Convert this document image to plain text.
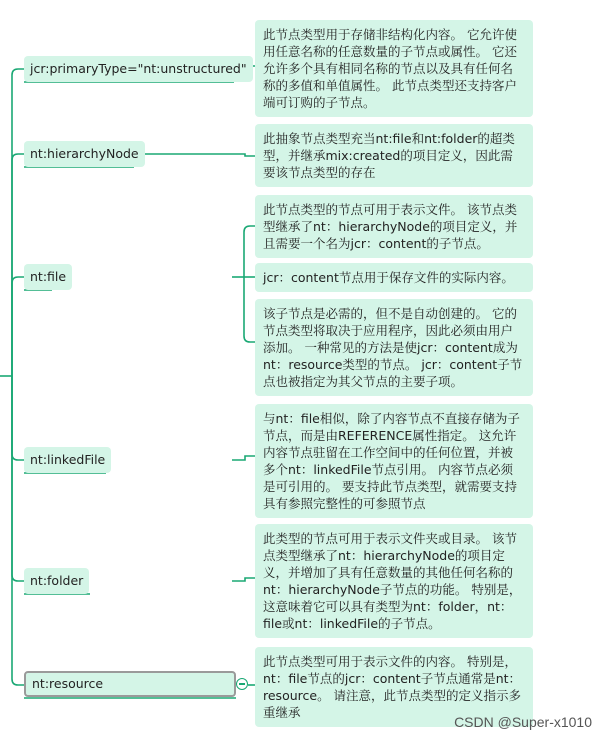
jcr:primaryType="nt:unstructured"
nt:hierarchyNode
nt:file
nt:linkedFile
nt:folder
nt:resource
此节点类型用于存储非结构化内容。 它允许使用任意名称的任意数量的子节点或属性。 它还允许多个具有相同名称的节点以及具有任何名称的多值和单值属性。 此节点类型还支持客户端可订购的子节点。
此抽象节点类型充当nt:file和nt:folder的超类型，并继承mix:created的项目定义，因此需要该节点类型的存在
此节点类型的节点可用于表示文件。 该节点类型继承了nt：hierarchyNode的项目定义，并且需要一个名为jcr：content的子节点。
jcr：content节点用于保存文件的实际内容。
该子节点是必需的，但不是自动创建的。 它的节点类型将取决于应用程序，因此必须由用户添加。 一种常见的方法是使jcr：content成为nt：resource类型的节点。 jcr：content子节点也被指定为其父节点的主要子项。
与nt：file相似，除了内容节点不直接存储为子节点，而是由REFERENCE属性指定。 这允许内容节点驻留在工作空间中的任何位置，并被多个nt：linkedFile节点引用。 内容节点必须是可引用的。 要支持此节点类型，就需要支持具有参照完整性的可参照节点
此类型的节点可用于表示文件夹或目录。 该节点类型继承了nt：hierarchyNode的项目定义，并增加了具有任意数量的其他任何名称的nt：hierarchyNode子节点的功能。 特别是，这意味着它可以具有类型为nt：folder，nt：file或nt：linkedFile的子节点。
此节点类型可用于表示文件的内容。 特别是，nt：file节点的jcr：content子节点通常是nt：resource。 请注意，此节点类型的定义指示多重继承
CSDN @Super-x1010
